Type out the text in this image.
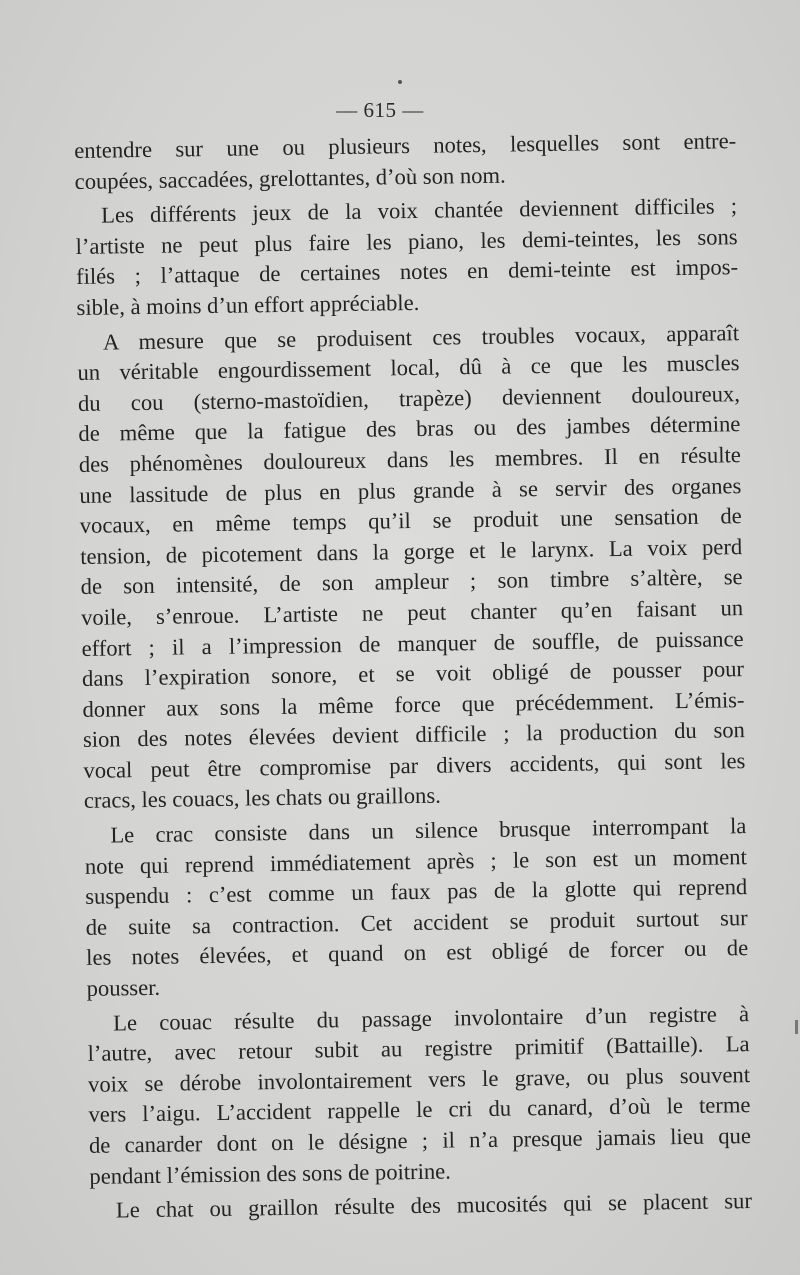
— 615 —
entendre sur une ou plusieurs notes, lesquelles sont entre-
coupées, saccadées, grelottantes, d’où son nom.
Les différents jeux de la voix chantée deviennent difficiles ;
l’artiste ne peut plus faire les piano, les demi-teintes, les sons
filés ; l’attaque de certaines notes en demi-teinte est impos-
sible, à moins d’un effort appréciable.
A mesure que se produisent ces troubles vocaux, apparaît
un véritable engourdissement local, dû à ce que les muscles
du cou (sterno-mastoïdien, trapèze) deviennent douloureux,
de même que la fatigue des bras ou des jambes détermine
des phénomènes douloureux dans les membres. Il en résulte
une lassitude de plus en plus grande à se servir des organes
vocaux, en même temps qu’il se produit une sensation de
tension, de picotement dans la gorge et le larynx. La voix perd
de son intensité, de son ampleur ; son timbre s’altère, se
voile, s’enroue. L’artiste ne peut chanter qu’en faisant un
effort ; il a l’impression de manquer de souffle, de puissance
dans l’expiration sonore, et se voit obligé de pousser pour
donner aux sons la même force que précédemment. L’émis-
sion des notes élevées devient difficile ; la production du son
vocal peut être compromise par divers accidents, qui sont les
cracs, les couacs, les chats ou graillons.
Le crac consiste dans un silence brusque interrompant la
note qui reprend immédiatement après ; le son est un moment
suspendu : c’est comme un faux pas de la glotte qui reprend
de suite sa contraction. Cet accident se produit surtout sur
les notes élevées, et quand on est obligé de forcer ou de
pousser.
Le couac résulte du passage involontaire d’un registre à
l’autre, avec retour subit au registre primitif (Battaille). La
voix se dérobe involontairement vers le grave, ou plus souvent
vers l’aigu. L’accident rappelle le cri du canard, d’où le terme
de canarder dont on le désigne ; il n’a presque jamais lieu que
pendant l’émission des sons de poitrine.
Le chat ou graillon résulte des mucosités qui se placent sur
